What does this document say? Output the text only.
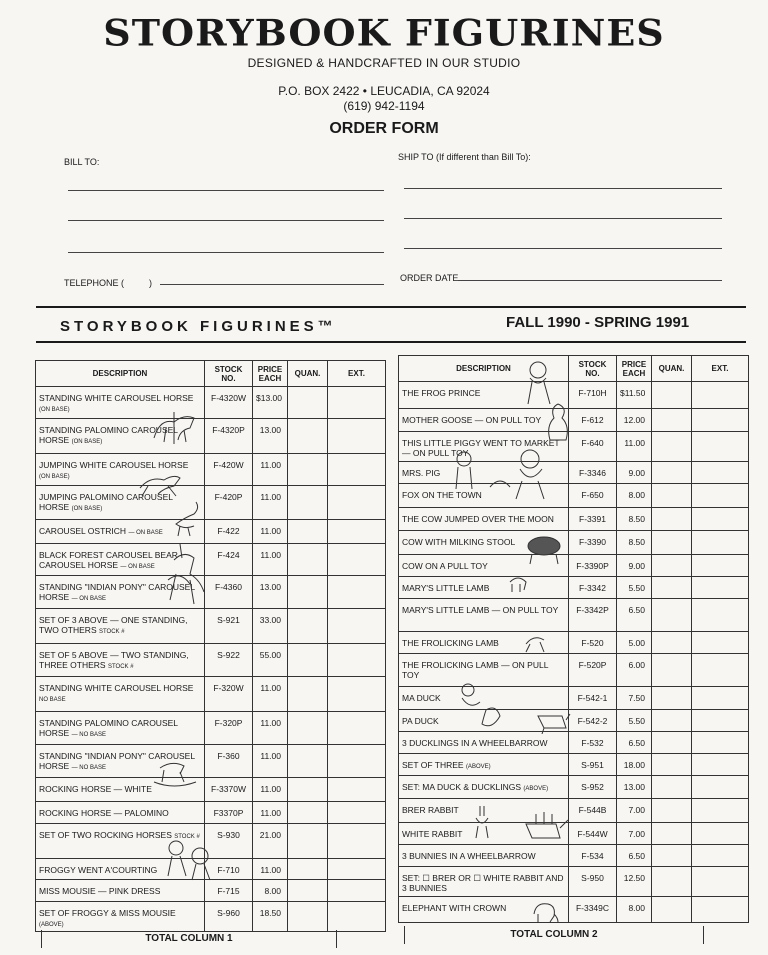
STORYBOOK FIGURINES
DESIGNED & HANDCRAFTED IN OUR STUDIO
P.O. BOX 2422 • LEUCADIA, CA 92024
(619) 942-1194
ORDER FORM
BILL TO:	SHIP TO (If different than Bill To):
TELEPHONE (          )	ORDER DATE
STORYBOOK FIGURINES™	FALL 1990 - SPRING 1991
DESCRIPTION	STOCK NO.	PRICE EACH	QUAN.	EXT.
STANDING WHITE CAROUSEL HORSE (ON BASE)	F-4320W	$13.00		
STANDING PALOMINO CAROUSEL HORSE (ON BASE)	F-4320P	13.00		
JUMPING WHITE CAROUSEL HORSE (ON BASE)	F-420W	11.00		
JUMPING PALOMINO CAROUSEL HORSE (ON BASE)	F-420P	11.00		
CAROUSEL OSTRICH — ON BASE	F-422	11.00		
BLACK FOREST CAROUSEL BEAR CAROUSEL HORSE — ON BASE	F-424	11.00		
STANDING "INDIAN PONY" CAROUSEL HORSE — ON BASE	F-4360	13.00		
SET OF 3 ABOVE — ONE STANDING, TWO OTHERS STOCK #	S-921	33.00		
SET OF 5 ABOVE — TWO STANDING, THREE OTHERS STOCK #	S-922	55.00		
STANDING WHITE CAROUSEL HORSE NO BASE	F-320W	11.00		
STANDING PALOMINO CAROUSEL HORSE — NO BASE	F-320P	11.00		
STANDING "INDIAN PONY" CAROUSEL HORSE — NO BASE	F-360	11.00		
ROCKING HORSE — WHITE	F-3370W	11.00		
ROCKING HORSE — PALOMINO	F3370P	11.00		
SET OF TWO ROCKING HORSES STOCK #	S-930	21.00		
FROGGY WENT A'COURTING	F-710	11.00		
MISS MOUSIE — PINK DRESS	F-715	8.00		
SET OF FROGGY & MISS MOUSIE (ABOVE)	S-960	18.50		
TOTAL COLUMN 1
DESCRIPTION	STOCK NO.	PRICE EACH	QUAN.	EXT.
THE FROG PRINCE	F-710H	$11.50		
MOTHER GOOSE — ON PULL TOY	F-612	12.00		
THIS LITTLE PIGGY WENT TO MARKET — ON PULL TOY	F-640	11.00		
MRS. PIG	F-3346	9.00		
FOX ON THE TOWN	F-650	8.00		
THE COW JUMPED OVER THE MOON	F-3391	8.50		
COW WITH MILKING STOOL	F-3390	8.50		
COW ON A PULL TOY	F-3390P	9.00		
MARY'S LITTLE LAMB	F-3342	5.50		
MARY'S LITTLE LAMB — ON PULL TOY	F-3342P	6.50		
THE FROLICKING LAMB	F-520	5.00		
THE FROLICKING LAMB — ON PULL TOY	F-520P	6.00		
MA DUCK	F-542-1	7.50		
PA DUCK	F-542-2	5.50		
3 DUCKLINGS IN A WHEELBARROW	F-532	6.50		
SET OF THREE (ABOVE)	S-951	18.00		
SET: MA DUCK & DUCKLINGS (ABOVE)	S-952	13.00		
BRER RABBIT	F-544B	7.00		
WHITE RABBIT	F-544W	7.00		
3 BUNNIES IN A WHEELBARROW	F-534	6.50		
SET: ☐ BRER OR ☐ WHITE RABBIT AND 3 BUNNIES	S-950	12.50		
ELEPHANT WITH CROWN	F-3349C	8.00		
TOTAL COLUMN 2
